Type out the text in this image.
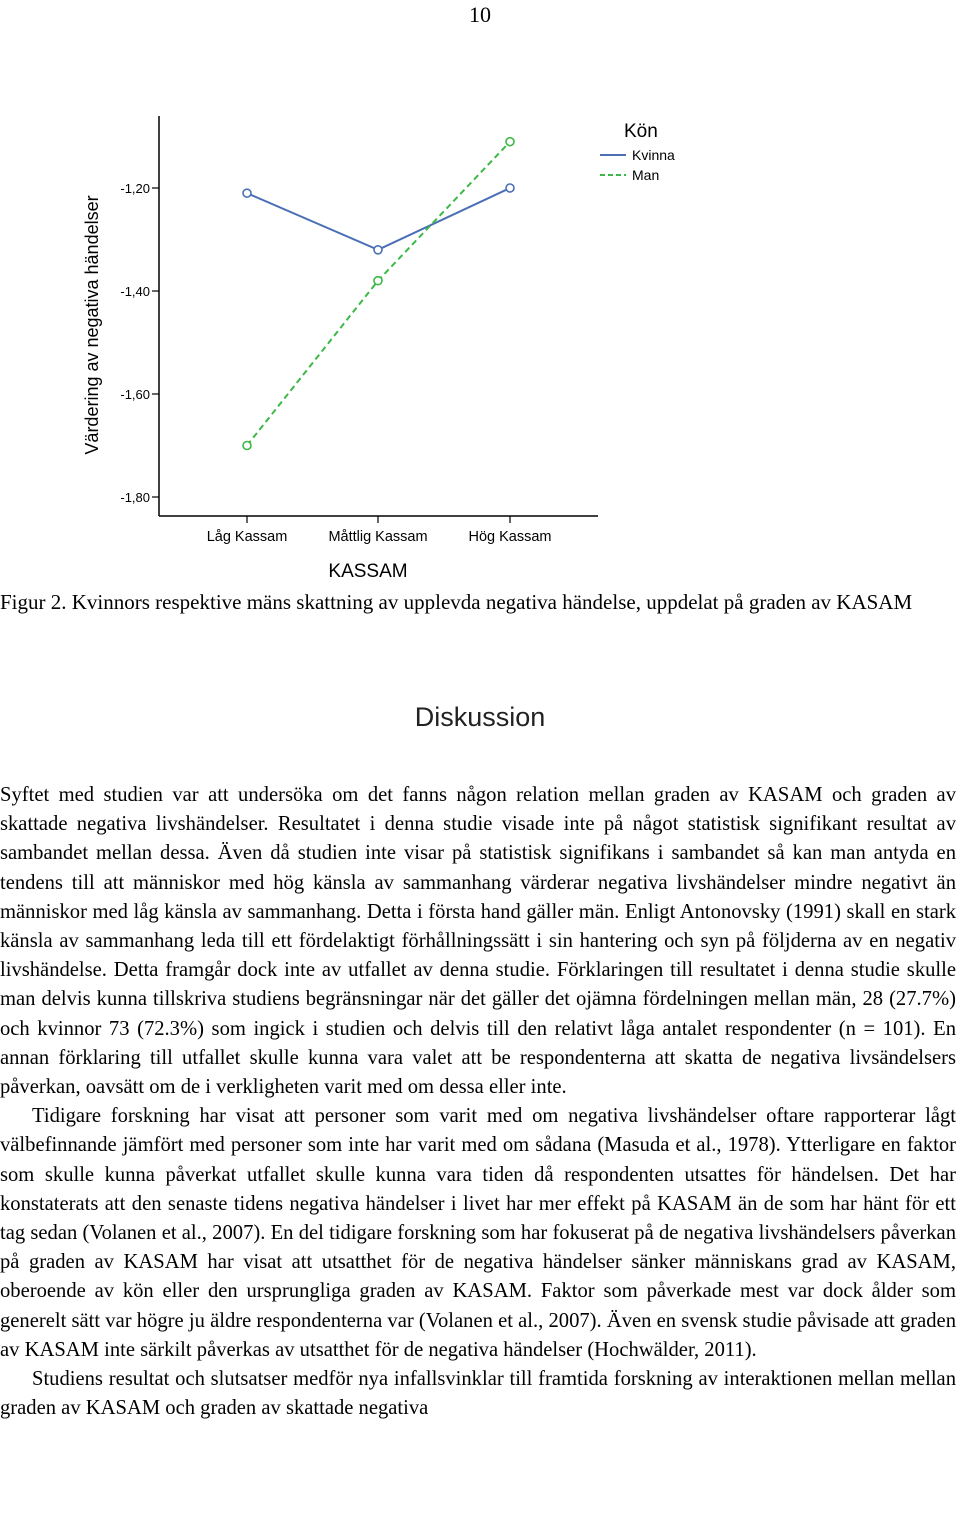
10
Värdering av negativa händelser
-1,20
-1,40
-1,60
-1,80
Låg Kassam	Måttlig Kassam	Hög Kassam
Kön
Kvinna
Man
KASSAM
Figur 2. Kvinnors respektive mäns skattning av upplevda negativa händelse, uppdelat på graden av KASAM
Diskussion

Syftet med studien var att undersöka om det fanns någon relation mellan graden av KASAM och graden av skattade negativa livshändelser. Resultatet i denna studie visade inte på något statistisk signifikant resultat av sambandet mellan dessa. Även då studien inte visar på statistisk signifikans i sambandet så kan man antyda en tendens till att människor med hög känsla av sammanhang värderar negativa livshändelser mindre negativt än människor med låg känsla av sammanhang. Detta i första hand gäller män. Enligt Antonovsky (1991) skall en stark känsla av sammanhang leda till ett fördelaktigt förhållningssätt i sin hantering och syn på följderna av en negativ livshändelse. Detta framgår dock inte av utfallet av denna studie. Förklaringen till resultatet i denna studie skulle man delvis kunna tillskriva studiens begränsningar när det gäller det ojämna fördelningen mellan män, 28 (27.7%) och kvinnor 73 (72.3%) som ingick i studien och delvis till den relativt låga antalet respondenter (n = 101). En annan förklaring till utfallet skulle kunna vara valet att be respondenterna att skatta de negativa livsändelsers påverkan, oavsätt om de i verkligheten varit med om dessa eller inte.

Tidigare forskning har visat att personer som varit med om negativa livshändelser oftare rapporterar lågt välbefinnande jämfört med personer som inte har varit med om sådana (Masuda et al., 1978). Ytterligare en faktor som skulle kunna påverkat utfallet skulle kunna vara tiden då respondenten utsattes för händelsen. Det har konstaterats att den senaste tidens negativa händelser i livet har mer effekt på KASAM än de som har hänt för ett tag sedan (Volanen et al., 2007). En del tidigare forskning som har fokuserat på de negativa livshändelsers påverkan på graden av KASAM har visat att utsatthet för de negativa händelser sänker människans grad av KASAM, oberoende av kön eller den ursprungliga graden av KASAM. Faktor som påverkade mest var dock ålder som generelt sätt var högre ju äldre respondenterna var (Volanen et al., 2007). Även en svensk studie påvisade att graden av KASAM inte särkilt påverkas av utsatthet för de negativa händelser (Hochwälder, 2011).

Studiens resultat och slutsatser medför nya infallsvinklar till framtida forskning av interaktionen mellan mellan graden av KASAM och graden av skattade negativa
